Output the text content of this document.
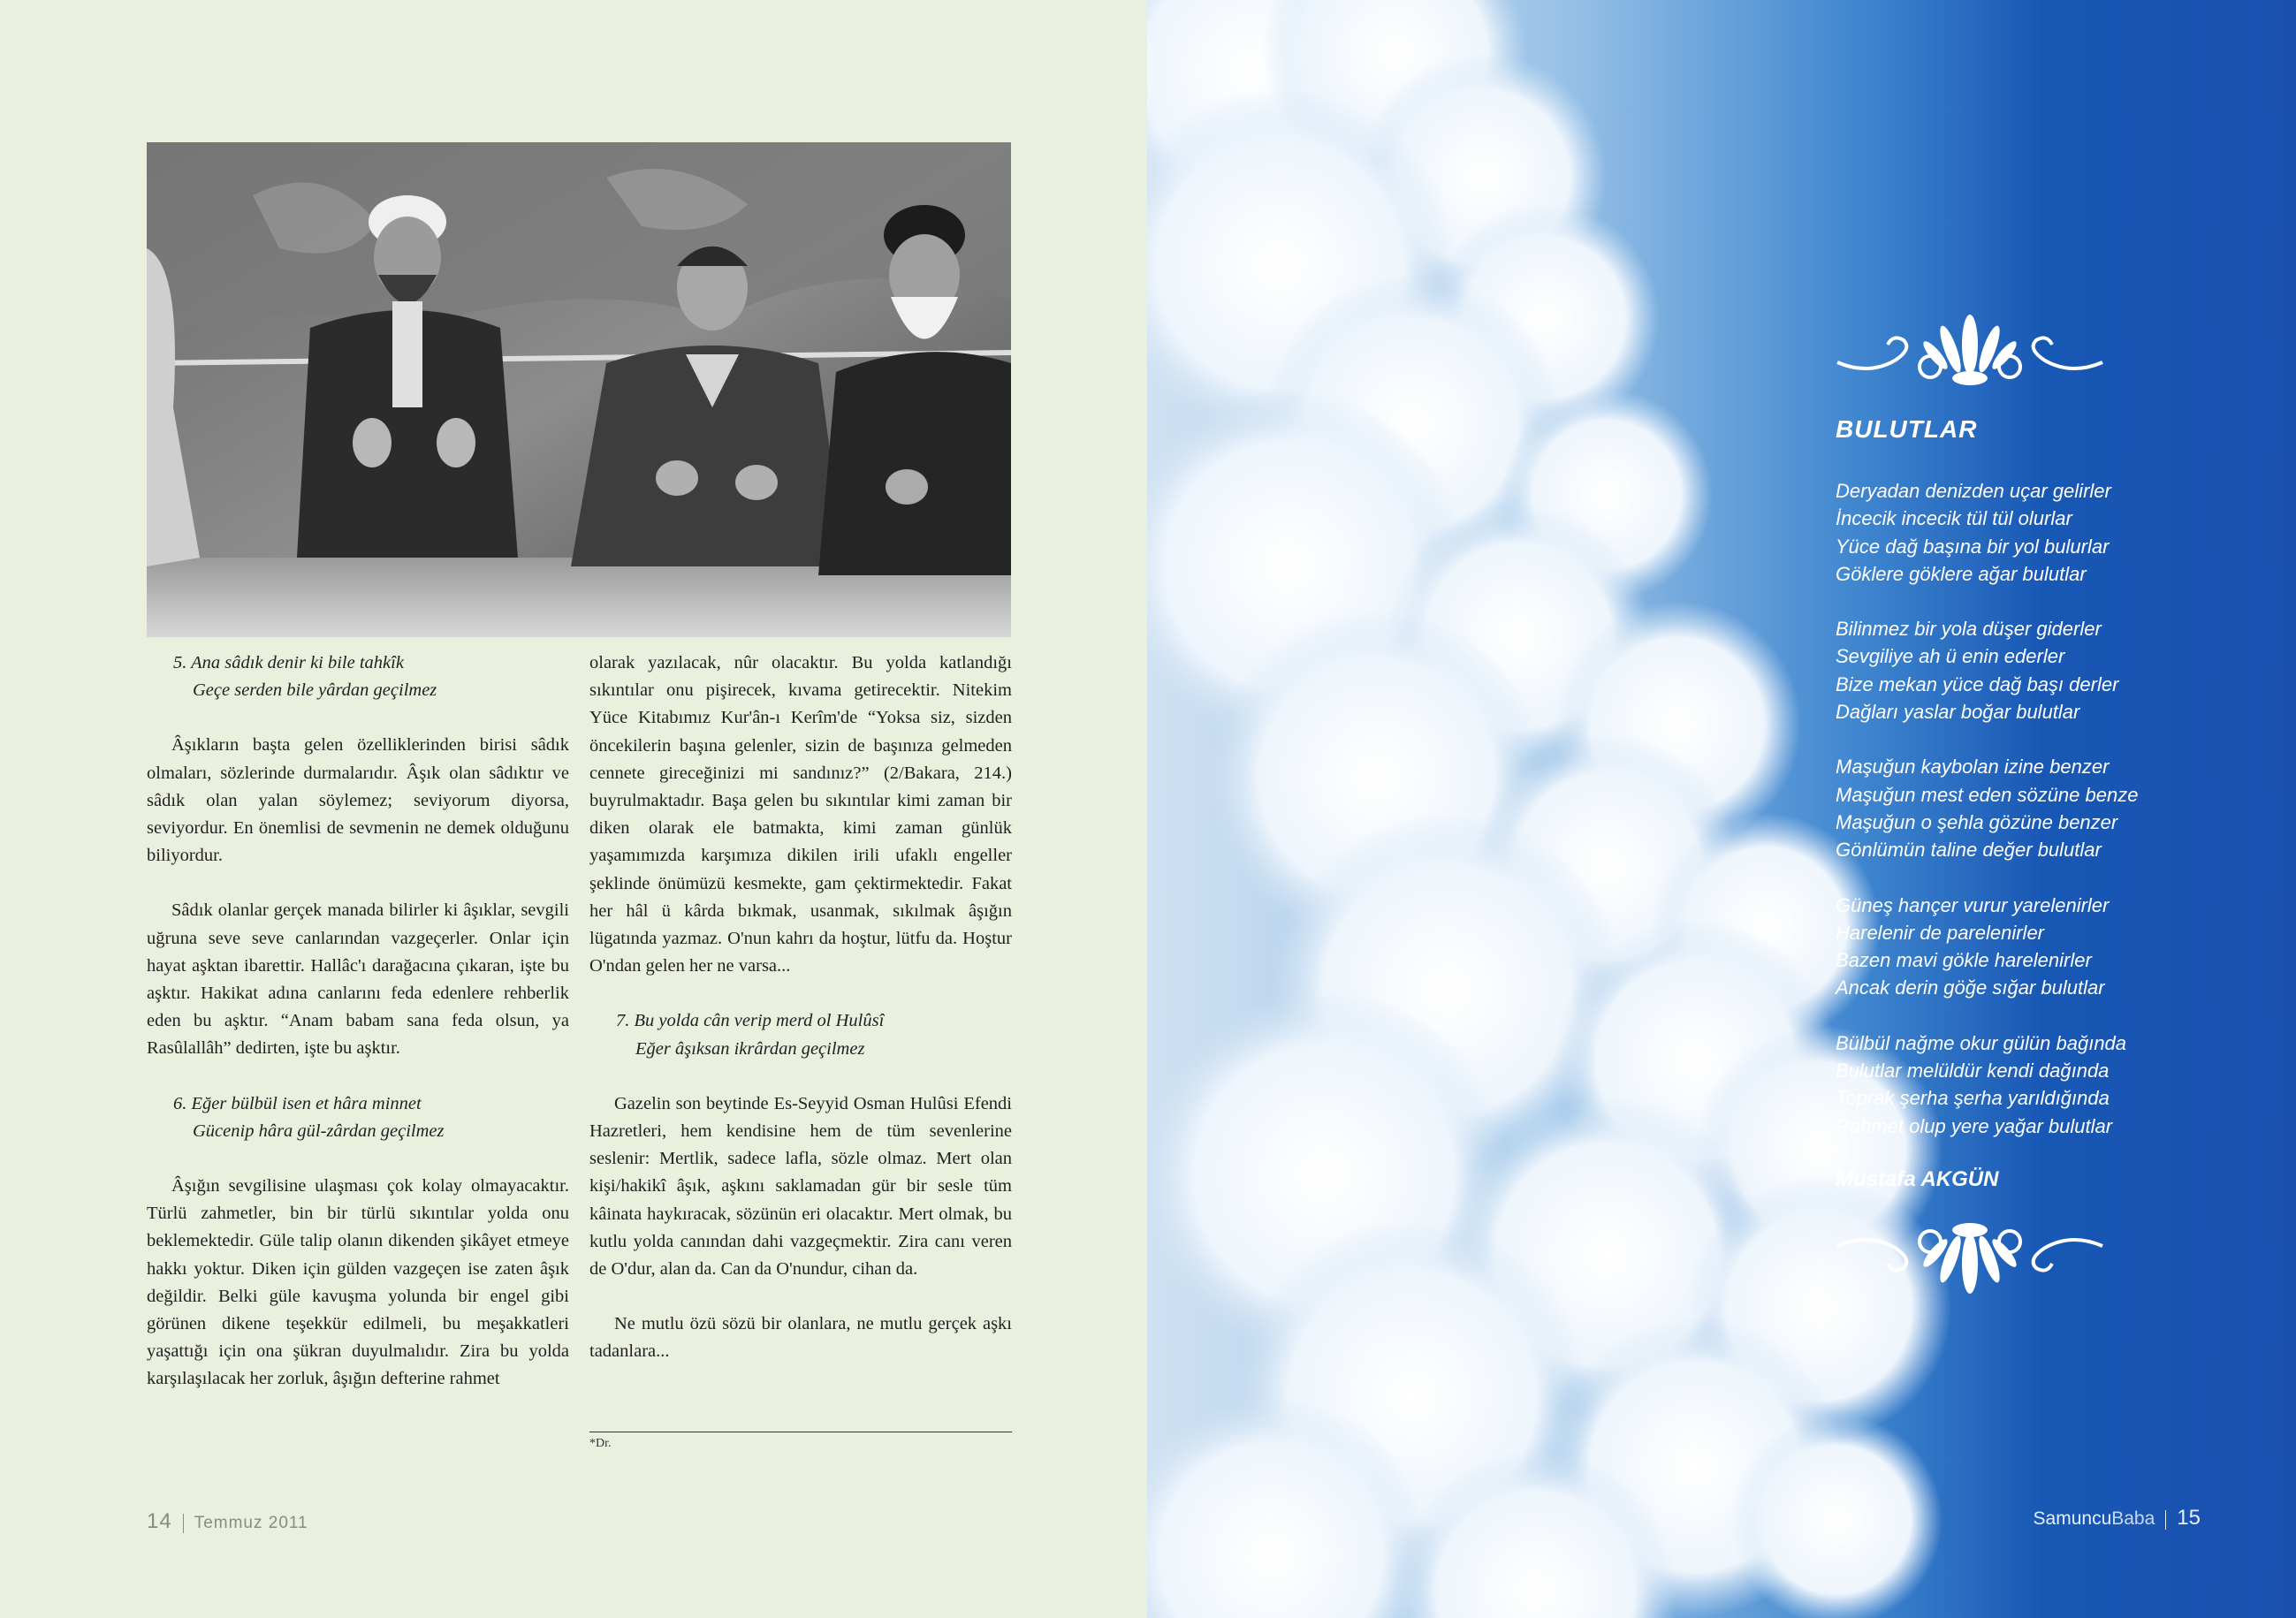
5. Ana sâdık denir ki bile tahkîk
Geçe serden bile yârdan geçilmez

Âşıkların başta gelen özelliklerinden birisi sâdık olmaları, sözlerinde durmalarıdır. Âşık olan sâdıktır ve sâdık olan yalan söylemez; seviyorum diyorsa, seviyordur. En önemlisi de sevmenin ne demek olduğunu biliyordur.

Sâdık olanlar gerçek manada bilirler ki âşıklar, sevgili uğruna seve seve canlarından vazgeçerler. Onlar için hayat aşktan ibarettir. Hallâc'ı darağacına çıkaran, işte bu aşktır. Hakikat adına canlarını feda edenlere rehberlik eden bu aşktır. “Anam babam sana feda olsun, ya Rasûlallâh” dedirten, işte bu aşktır.

6. Eğer bülbül isen et hâra minnet
Gücenip hâra gül-zârdan geçilmez

Âşığın sevgilisine ulaşması çok kolay olmayacaktır. Türlü zahmetler, bin bir türlü sıkıntılar yolda onu beklemektedir. Güle talip olanın dikenden şikâyet etmeye hakkı yoktur. Diken için gülden vazgeçen ise zaten âşık değildir. Belki güle kavuşma yolunda bir engel gibi görünen dikene teşekkür edilmeli, bu meşakkatleri yaşattığı için ona şükran duyulmalıdır. Zira bu yolda karşılaşılacak her zorluk, âşığın defterine rahmet

olarak yazılacak, nûr olacaktır. Bu yolda katlandığı sıkıntılar onu pişirecek, kıvama getirecektir. Nitekim Yüce Kitabımız Kur'ân-ı Kerîm'de “Yoksa siz, sizden öncekilerin başına gelenler, sizin de başınıza gelmeden cennete gireceğinizi mi sandınız?” (2/Bakara, 214.) buyrulmaktadır. Başa gelen bu sıkıntılar kimi zaman bir diken olarak ele batmakta, kimi zaman günlük yaşamımızda karşımıza dikilen irili ufaklı engeller şeklinde önümüzü kesmekte, gam çektirmektedir. Fakat her hâl ü kârda bıkmak, usanmak, sıkılmak âşığın lügatında yazmaz. O'nun kahrı da hoştur, lütfu da. Hoştur O'ndan gelen her ne varsa...

7. Bu yolda cân verip merd ol Hulûsî
Eğer âşıksan ikrârdan geçilmez

Gazelin son beytinde Es-Seyyid Osman Hulûsi Efendi Hazretleri, hem kendisine hem de tüm sevenlerine seslenir: Mertlik, sadece lafla, sözle olmaz. Mert olan kişi/hakikî âşık, aşkını saklamadan gür bir sesle tüm kâinata haykıracak, sözünün eri olacaktır. Mert olmak, bu kutlu yolda canından dahi vazgeçmektir. Zira canı veren de O'dur, alan da. Can da O'nundur, cihan da.

Ne mutlu özü sözü bir olanlara, ne mutlu gerçek aşkı tadanlara...

*Dr.
14 Temmuz 2011
BULUTLAR
Deryadan denizden uçar gelirler
İncecik incecik tül tül olurlar
Yüce dağ başına bir yol bulurlar
Göklere göklere ağar bulutlar
Bilinmez bir yola düşer giderler
Sevgiliye ah ü enin ederler
Bize mekan yüce dağ başı derler
Dağları yaslar boğar bulutlar
Maşuğun kaybolan izine benzer
Maşuğun mest eden sözüne benze
Maşuğun o şehla gözüne benzer
Gönlümün taline değer bulutlar
Güneş hançer vurur yarelenirler
Harelenir de parelenirler
Bazen mavi gökle harelenirler
Ancak derin göğe sığar bulutlar
Bülbül nağme okur gülün bağında
Bulutlar melüldür kendi dağında
Toprak şerha şerha yarıldığında
Rahmet olup yere yağar bulutlar
Mustafa AKGÜN
SamuncuBaba 15
